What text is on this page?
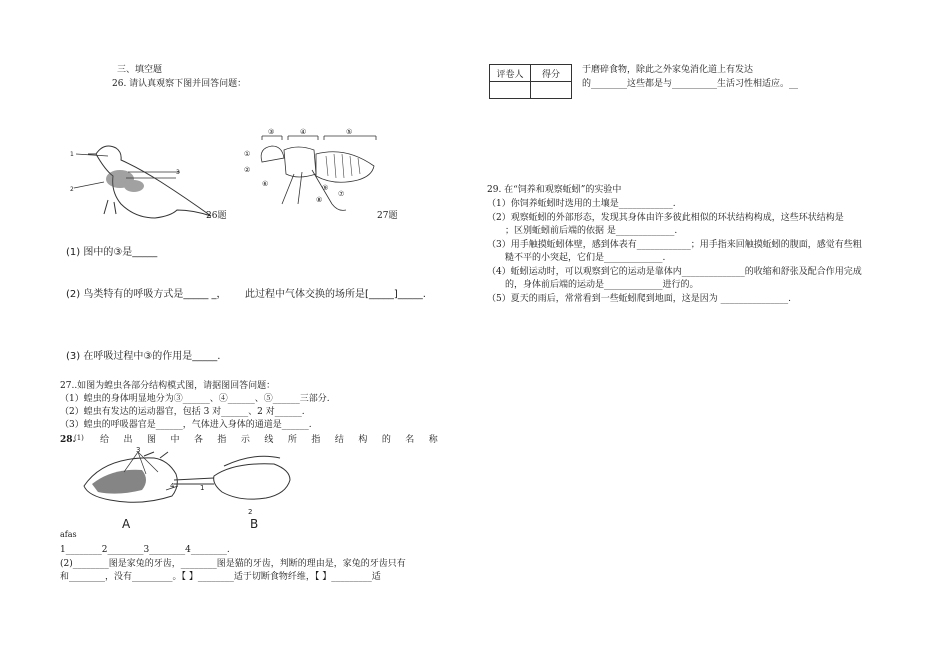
三、填空题
26. 请认真观察下图并回答问题：
1
3
2
26题
③	④	⑤
①
②
⑥	⑨
⑧
⑦
27题
(1) 图中的③是_____
(2) 鸟类特有的呼吸方式是_____ _， 此过程中气体交换的场所是[_____]_____.
(3) 在呼吸过程中③的作用是_____.
27..如图为蝗虫各部分结构模式图，请据图回答问题：
（1）蝗虫的身体明显地分为③______、④______、⑤______三部分.
（2）蝗虫有发达的运动器官，包括 3 对______、2 对______.
（3）蝗虫的呼吸器官是______，气体进入身体的通道是______.
28.
(1) 给 出 图 中 各 指 示 线 所 指 结 构 的 名 称
3
4	1
2
A	B
afas
1________2________3________4________.
(2)________图是家兔的牙齿，________图是猫的牙齿，判断的理由是，家兔的牙齿只有
和________，没有_________。【 】________适于切断食物纤维，【 】_________适
评卷人	得分
	于磨碎食物，除此之外家兔消化道上有发达
的________这些都是与__________生活习性相适应。__
29. 在“饲养和观察蚯蚓”的实验中
（1）你饲养蚯蚓时选用的土壤是____________.
（2）观察蚯蚓的外部形态，发现其身体由许多彼此相似的环状结构构成，这些环状结构是
；区别蚯蚓前后端的依据 是_____________.
（3）用手触摸蚯蚓体壁，感到体表有____________；用手指来回触摸蚯蚓的腹面，感觉有些粗
糙不平的小突起，它们是_____________.
（4）蚯蚓运动时，可以观察到它的运动是靠体内______________的收缩和舒张及配合作用完成
的，身体前后端的运动是_____________进行的。
（5）夏天的雨后，常常看到一些蚯蚓爬到地面，这是因为 _______________.
